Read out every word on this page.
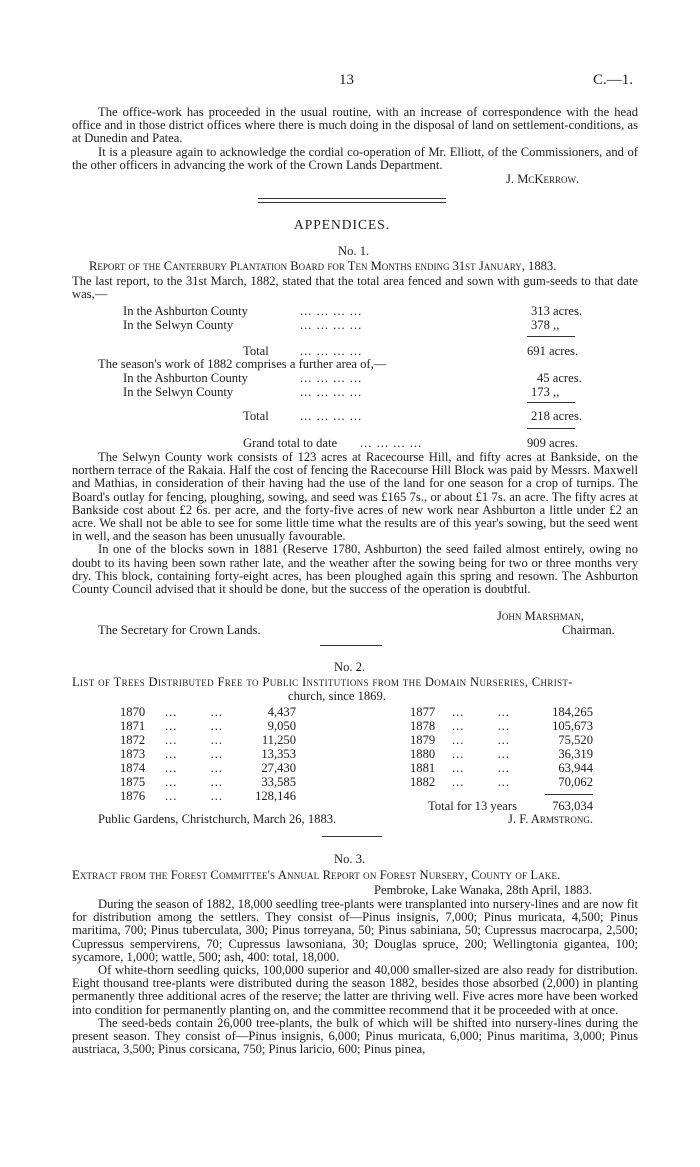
13	C.—1.

The office-work has proceeded in the usual routine, with an increase of correspondence with the head office and in those district offices where there is much doing in the disposal of land on settlement-conditions, as at Dunedin and Patea.

It is a pleasure again to acknowledge the cordial co-operation of Mr. Elliott, of the Commissioners, and of the other officers in advancing the work of the Crown Lands Department.

J. McKerrow.
APPENDICES.
No. 1.
Report of the Canterbury Plantation Board for Ten Months ending 31st January, 1883.

The last report, to the 31st March, 1882, stated that the total area fenced and sown with gum-seeds to that date was,—

In the Ashburton County	... ... ... ...	313 acres.
In the Selwyn County	... ... ... ...	378 ,,
Total ... ... ... ...	691 acres.
The season's work of 1882 comprises a further area of,—
In the Ashburton County	... ... ... ...	45 acres.
In the Selwyn County	... ... ... ...	173 ,,
Total ... ... ... ...	218 acres.
Grand total to date ... ... ... ...	909 acres.

The Selwyn County work consists of 123 acres at Racecourse Hill, and fifty acres at Bankside, on the northern terrace of the Rakaia. Half the cost of fencing the Racecourse Hill Block was paid by Messrs. Maxwell and Mathias, in consideration of their having had the use of the land for one season for a crop of turnips. The Board's outlay for fencing, ploughing, sowing, and seed was £165 7s., or about £1 7s. an acre. The fifty acres at Bankside cost about £2 6s. per acre, and the forty-five acres of new work near Ashburton a little under £2 an acre. We shall not be able to see for some little time what the results are of this year's sowing, but the seed went in well, and the season has been unusually favourable.

In one of the blocks sown in 1881 (Reserve 1780, Ashburton) the seed failed almost entirely, owing no doubt to its having been sown rather late, and the weather after the sowing being for two or three months very dry. This block, containing forty-eight acres, has been ploughed again this spring and resown. The Ashburton County Council advised that it should be done, but the success of the operation is doubtful.

John Marshman,
The Secretary for Crown Lands.	Chairman.
No. 2.
List of Trees Distributed Free to Public Institutions from the Domain Nurseries, Christ-
church, since 1869.
1870 ...        ...	4,437
1871 ...        ...	9,050
1872 ...        ...	11,250
1873 ...        ...	13,353
1874 ...        ...	27,430
1875 ...        ...	33,585
1876 ...        ...	128,146
1877 ...        ...	184,265
1878 ...        ...	105,673
1879 ...        ...	75,520
1880 ...        ...	36,319
1881 ...        ...	63,944
1882 ...        ...	70,062
Total for 13 years	763,034
Public Gardens, Christchurch, March 26, 1883.	J. F. Armstrong.
No. 3.
Extract from the Forest Committee's Annual Report on Forest Nursery, County of Lake.
Pembroke, Lake Wanaka, 28th April, 1883.

During the season of 1882, 18,000 seedling tree-plants were transplanted into nursery-lines and are now fit for distribution among the settlers. They consist of—Pinus insignis, 7,000; Pinus muricata, 4,500; Pinus maritima, 700; Pinus tuberculata, 300; Pinus torreyana, 50; Pinus sabiniana, 50; Cupressus macrocarpa, 2,500; Cupressus sempervirens, 70; Cupressus lawsoniana, 30; Douglas spruce, 200; Wellingtonia gigantea, 100; sycamore, 1,000; wattle, 500; ash, 400: total, 18,000.

Of white-thorn seedling quicks, 100,000 superior and 40,000 smaller-sized are also ready for distribution. Eight thousand tree-plants were distributed during the season 1882, besides those absorbed (2,000) in planting permanently three additional acres of the reserve; the latter are thriving well. Five acres more have been worked into condition for permanently planting on, and the committee recommend that it be proceeded with at once.

The seed-beds contain 26,000 tree-plants, the bulk of which will be shifted into nursery-lines during the present season. They consist of—Pinus insignis, 6,000; Pinus muricata, 6,000; Pinus maritima, 3,000; Pinus austriaca, 3,500; Pinus corsicana, 750; Pinus laricio, 600; Pinus pinea,
